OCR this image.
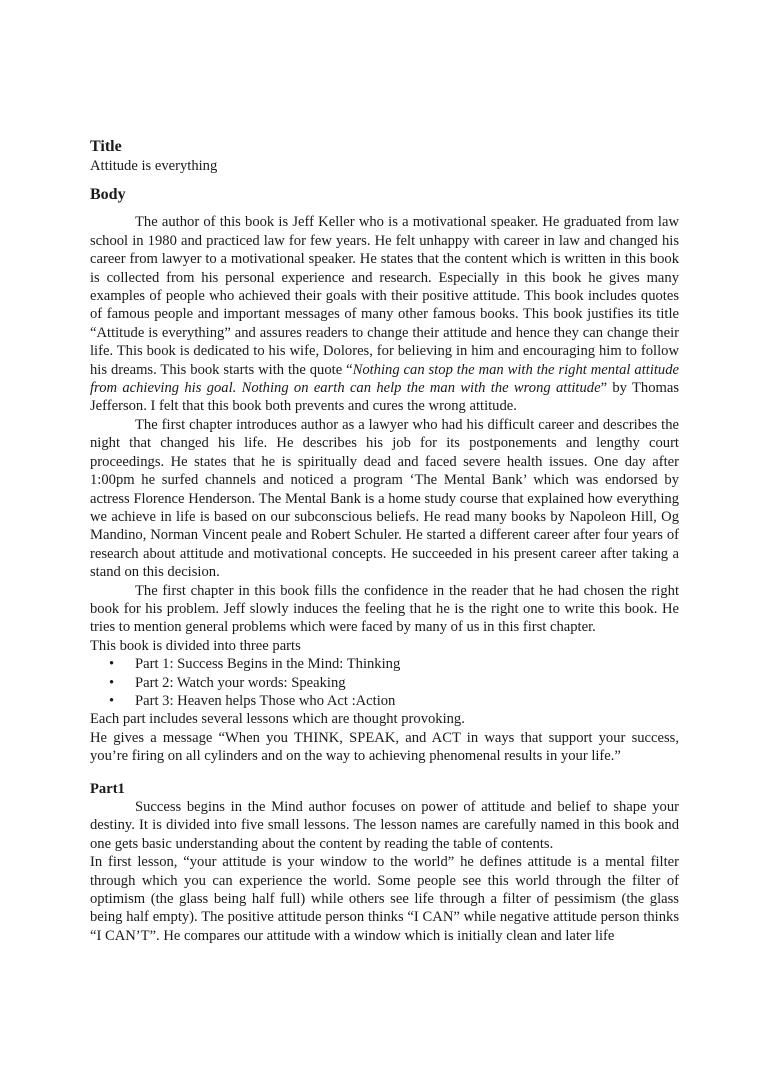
Title
Attitude is everything
Body

The author of this book is Jeff Keller who is a motivational speaker. He graduated from law school in 1980 and practiced law for few years. He felt unhappy with career in law and changed his career from lawyer to a motivational speaker. He states that the content which is written in this book is collected from his personal experience and research. Especially in this book he gives many examples of people who achieved their goals with their positive attitude. This book includes quotes of famous people and important messages of many other famous books. This book justifies its title “Attitude is everything” and assures readers to change their attitude and hence they can change their life. This book is dedicated to his wife, Dolores, for believing in him and encouraging him to follow his dreams. This book starts with the quote “Nothing can stop the man with the right mental attitude from achieving his goal. Nothing on earth can help the man with the wrong attitude” by Thomas Jefferson. I felt that this book both prevents and cures the wrong attitude.

The first chapter introduces author as a lawyer who had his difficult career and describes the night that changed his life. He describes his job for its postponements and lengthy court proceedings. He states that he is spiritually dead and faced severe health issues. One day after 1:00pm he surfed channels and noticed a program ‘The Mental Bank’ which was endorsed by actress Florence Henderson. The Mental Bank is a home study course that explained how everything we achieve in life is based on our subconscious beliefs. He read many books by Napoleon Hill, Og Mandino, Norman Vincent peale and Robert Schuler. He started a different career after four years of research about attitude and motivational concepts. He succeeded in his present career after taking a stand on this decision.

The first chapter in this book fills the confidence in the reader that he had chosen the right book for his problem. Jeff slowly induces the feeling that he is the right one to write this book. He tries to mention general problems which were faced by many of us in this first chapter.

This book is divided into three parts

• Part 1: Success Begins in the Mind: Thinking
• Part 2: Watch your words: Speaking
• Part 3: Heaven helps Those who Act :Action

Each part includes several lessons which are thought provoking.

He gives a message “When you THINK, SPEAK, and ACT in ways that support your success, you’re firing on all cylinders and on the way to achieving phenomenal results in your life.”

Part1

Success begins in the Mind author focuses on power of attitude and belief to shape your destiny. It is divided into five small lessons. The lesson names are carefully named in this book and one gets basic understanding about the content by reading the table of contents.

In first lesson, “your attitude is your window to the world” he defines attitude is a mental filter through which you can experience the world. Some people see this world through the filter of optimism (the glass being half full) while others see life through a filter of pessimism (the glass being half empty). The positive attitude person thinks “I CAN” while negative attitude person thinks “I CAN’T”. He compares our attitude with a window which is initially clean and later life
